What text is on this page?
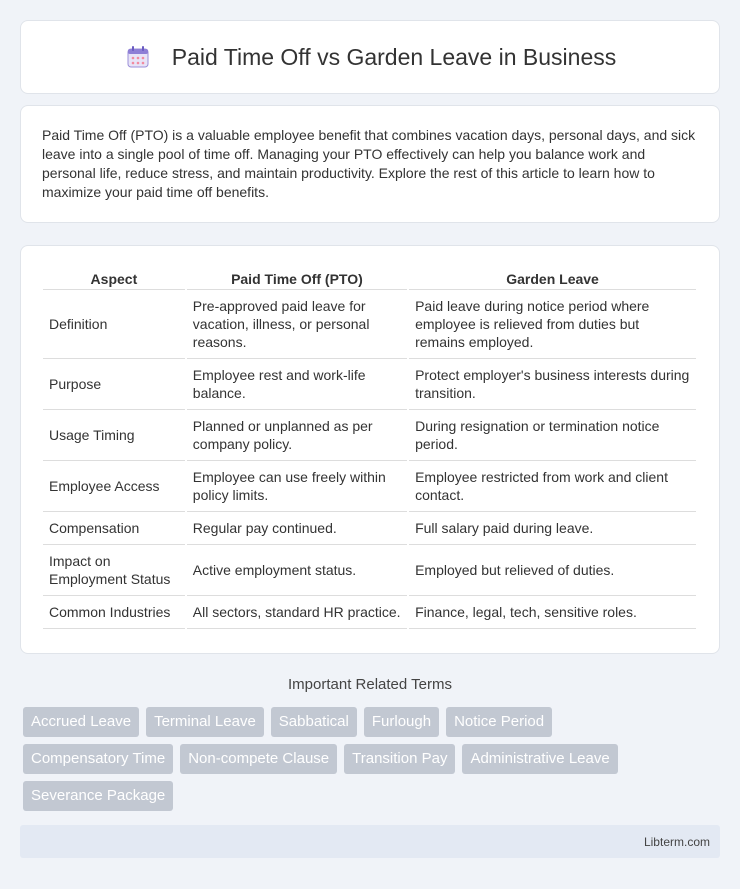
Paid Time Off vs Garden Leave in Business

Paid Time Off (PTO) is a valuable employee benefit that combines vacation days, personal days, and sick leave into a single pool of time off. Managing your PTO effectively can help you balance work and personal life, reduce stress, and maintain productivity. Explore the rest of this article to learn how to maximize your paid time off benefits.

Aspect	Paid Time Off (PTO)	Garden Leave
Definition	Pre-approved paid leave for vacation, illness, or personal reasons.	Paid leave during notice period where employee is relieved from duties but remains employed.
Purpose	Employee rest and work-life balance.	Protect employer's business interests during transition.
Usage Timing	Planned or unplanned as per company policy.	During resignation or termination notice period.
Employee Access	Employee can use freely within policy limits.	Employee restricted from work and client contact.
Compensation	Regular pay continued.	Full salary paid during leave.
Impact on Employment Status	Active employment status.	Employed but relieved of duties.
Common Industries	All sectors, standard HR practice.	Finance, legal, tech, sensitive roles.
Important Related Terms
Accrued Leave	Terminal Leave	Sabbatical	Furlough	Notice Period
Compensatory Time	Non-compete Clause	Transition Pay	Administrative Leave
Severance Package
Libterm.com
